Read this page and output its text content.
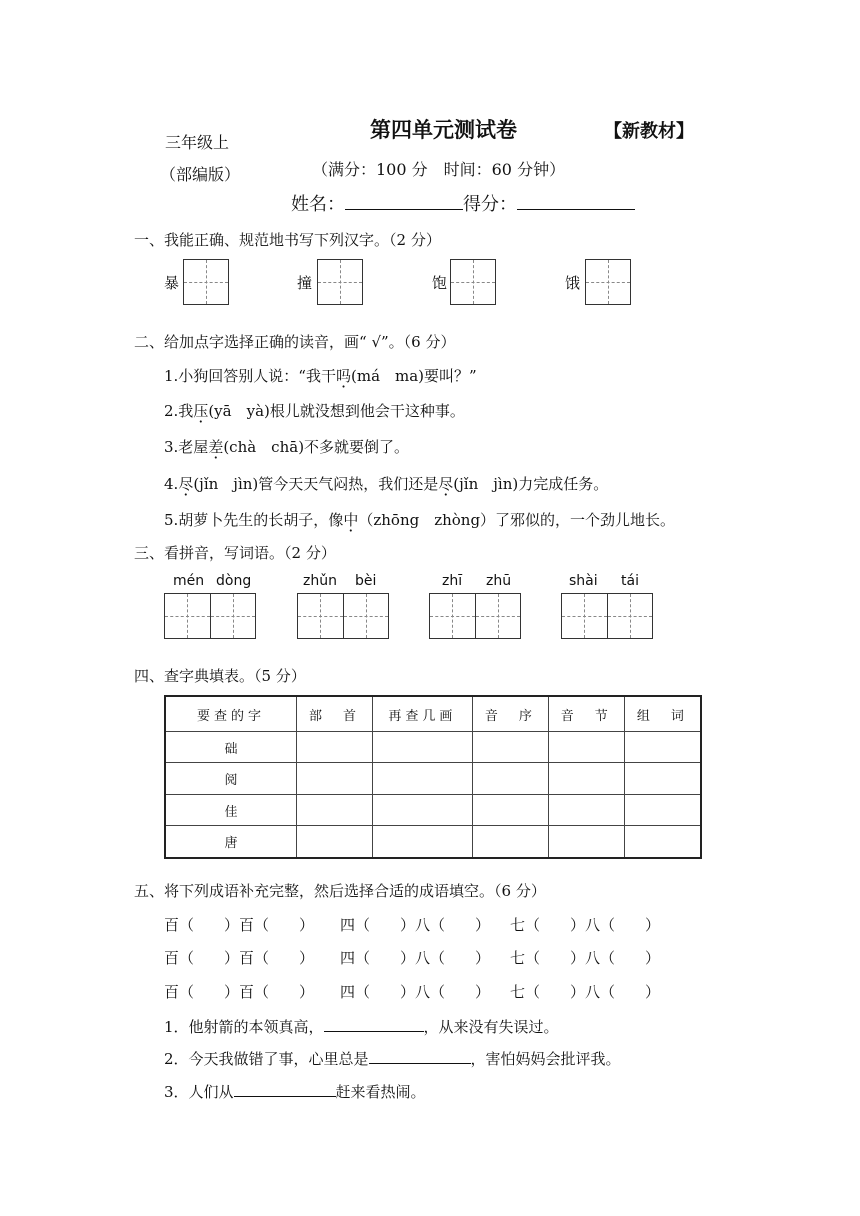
三年级上
（部编版）
第四单元测试卷	【新教材】
（满分：100 分　时间：60 分钟）
姓名：	得分：
一、我能正确、规范地书写下列汉字。（2 分）
暴	撞	饱	饿
二、给加点字选择正确的读音，画“ √”。（6 分）
1.小狗回答别人说：“我干吗(má　ma)要叫？”
2.我压(yā　yà)根儿就没想到他会干这种事。
3.老屋差(chà　chā)不多就要倒了。
4.尽(jǐn　jìn)管今天天气闷热，我们还是尽(jǐn　jìn)力完成任务。
5.胡萝卜先生的长胡子，像中（zhōng　zhòng）了邪似的，一个劲儿地长。
三、看拼音，写词语。（2 分）
mén dòng	zhǔn bèi	zhī zhū	shài tái
四、查字典填表。（5 分）
要查的字	部　首	再查几画	音　序	音　节	组　词
础					
阅					
佳					
唐					
五、将下列成语补充完整，然后选择合适的成语填空。（6 分）
百（　　）百（　　） 四（　　）八（　　） 七（　　）八（　　）
百（　　）百（　　） 四（　　）八（　　） 七（　　）八（　　）
百（　　）百（　　） 四（　　）八（　　） 七（　　）八（　　）
1．他射箭的本领真高，	，从来没有失误过。
2．今天我做错了事，心里总是	，害怕妈妈会批评我。
3．人们从	赶来看热闹。
